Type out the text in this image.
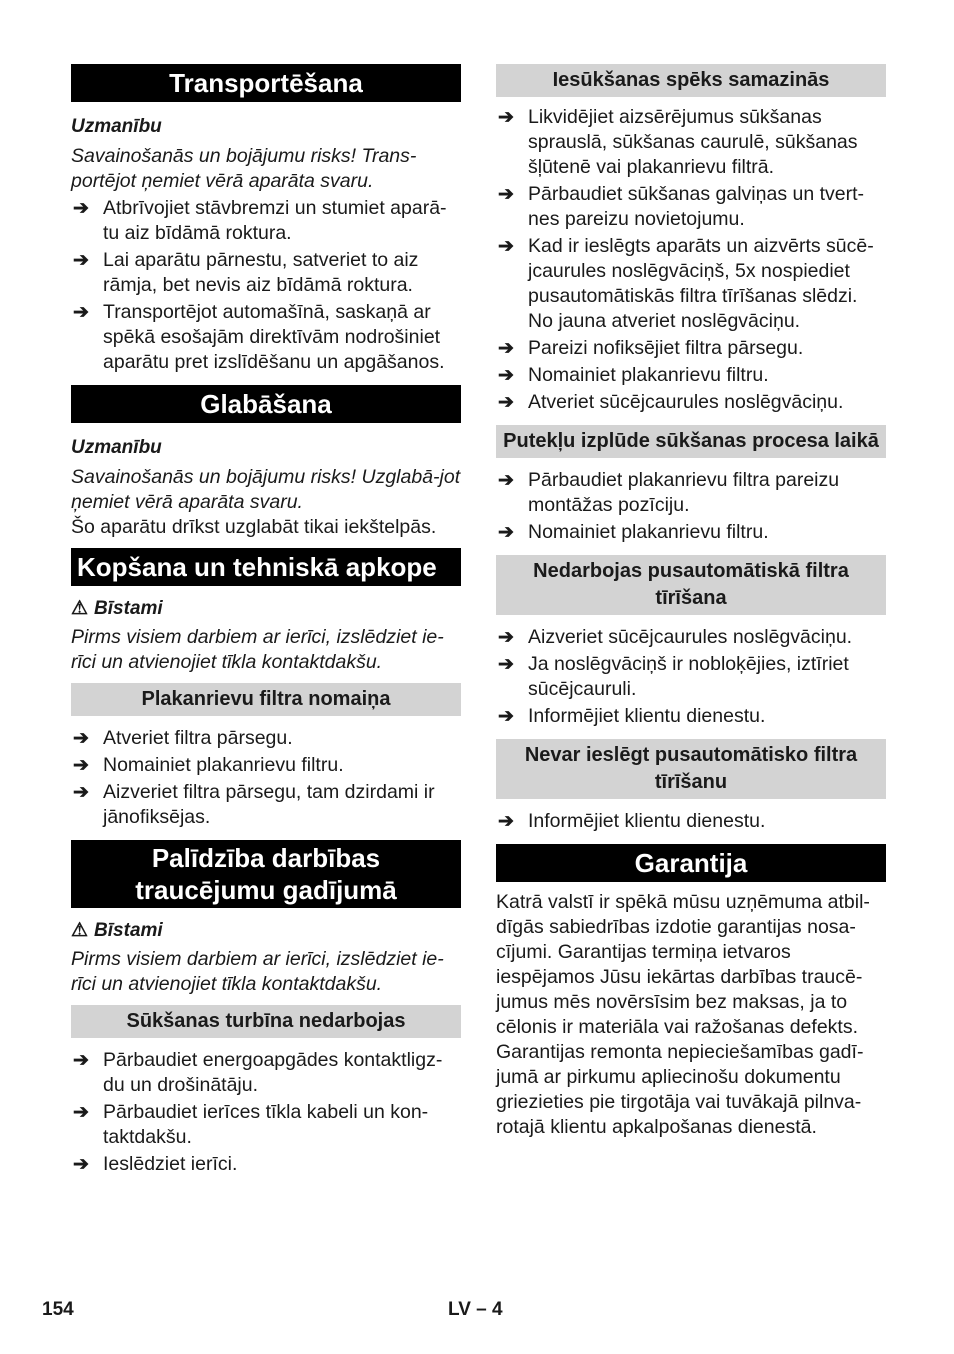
Transportēšana
Uzmanību
Savainošanās un bojājumu risks! Trans-portējot ņemiet vērā aparāta svaru.
➔ Atbrīvojiet stāvbremzi un stumiet aparā-tu aiz bīdāmā roktura.
➔ Lai aparātu pārnestu, satveriet to aiz rāmja, bet nevis aiz bīdāmā roktura.
➔ Transportējot automašīnā, saskaņā ar spēkā esošajām direktīvām nodrošiniet aparātu pret izslīdēšanu un apgāšanos.
Glabāšana
Uzmanību
Savainošanās un bojājumu risks! Uzglabā-jot ņemiet vērā aparāta svaru.
Šo aparātu drīkst uzglabāt tikai iekštelpās.
Kopšana un tehniskā apkope
⚠ Bīstami
Pirms visiem darbiem ar ierīci, izslēdziet ie-rīci un atvienojiet tīkla kontaktdakšu.
Plakanrievu filtra nomaiņa
➔ Atveriet filtra pārsegu.
➔ Nomainiet plakanrievu filtru.
➔ Aizveriet filtra pārsegu, tam dzirdami ir jānofiksējas.
Palīdzība darbības
traucējumu gadījumā
⚠ Bīstami
Pirms visiem darbiem ar ierīci, izslēdziet ie-rīci un atvienojiet tīkla kontaktdakšu.
Sūkšanas turbīna nedarbojas
➔ Pārbaudiet energoapgādes kontaktligz-du un drošinātāju.
➔ Pārbaudiet ierīces tīkla kabeli un kon-taktdakšu.
➔ Ieslēdziet ierīci.
Iesūkšanas spēks samazinās
➔ Likvidējiet aizsērējumus sūkšanas sprauslā, sūkšanas caurulē, sūkšanas šļūtenē vai plakanrievu filtrā.
➔ Pārbaudiet sūkšanas galviņas un tvert-nes pareizu novietojumu.
➔ Kad ir ieslēgts aparāts un aizvērts sūcē-jcaurules noslēgvāciņš, 5x nospiediet pusautomātiskās filtra tīrīšanas slēdzi. No jauna atveriet noslēgvāciņu.
➔ Pareizi nofiksējiet filtra pārsegu.
➔ Nomainiet plakanrievu filtru.
➔ Atveriet sūcējcaurules noslēgvāciņu.
Putekļu izplūde sūkšanas procesa laikā
➔ Pārbaudiet plakanrievu filtra pareizu montāžas pozīciju.
➔ Nomainiet plakanrievu filtru.
Nedarbojas pusautomātiskā filtra tīrīšana
➔ Aizveriet sūcējcaurules noslēgvāciņu.
➔ Ja noslēgvāciņš ir nobloķējies, iztīriet sūcējcauruli.
➔ Informējiet klientu dienestu.
Nevar ieslēgt pusautomātisko filtra tīrīšanu
➔ Informējiet klientu dienestu.
Garantija
Katrā valstī ir spēkā mūsu uzņēmuma atbil-dīgās sabiedrības izdotie garantijas nosa-cījumi. Garantijas termiņa ietvaros iespējamos Jūsu iekārtas darbības traucē-jumus mēs novērsīsim bez maksas, ja to cēlonis ir materiāla vai ražošanas defekts. Garantijas remonta nepieciešamības gadī-jumā ar pirkumu apliecinošu dokumentu griezieties pie tirgotāja vai tuvākajā pilnva-rotajā klientu apkalpošanas dienestā.
154	LV – 4
